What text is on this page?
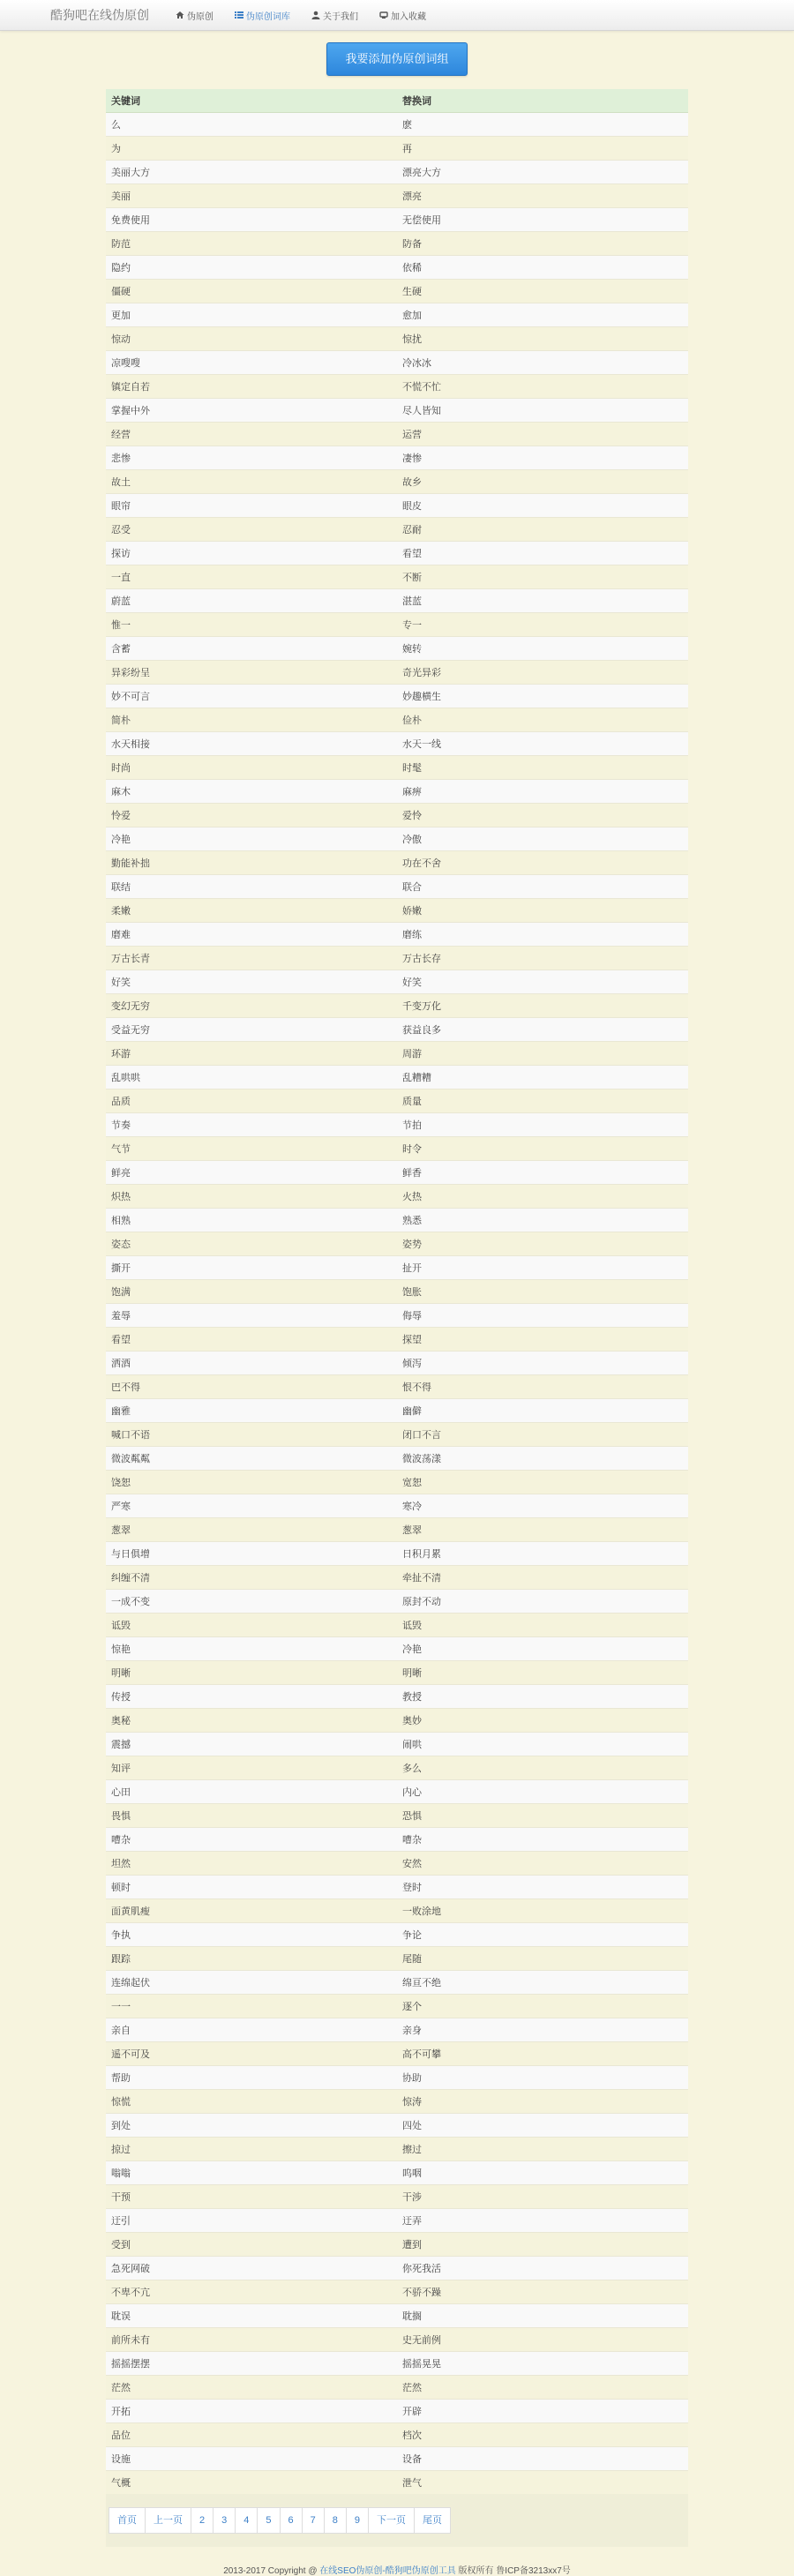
酷狗吧在线伪原创	伪原创	伪原创词库	关于我们	加入收藏
我要添加伪原创词组
关键词	替换词
么	麽
为	再
美丽大方	漂亮大方
美丽	漂亮
免费使用	无偿使用
防范	防备
隐约	依稀
僵硬	生硬
更加	愈加
惊动	惊扰
凉嗖嗖	冷冰冰
镇定自若	不慌不忙
掌握中外	尽人皆知
经营	运营
悲惨	凄惨
故土	故乡
眼帘	眼皮
忍受	忍耐
探访	看望
一直	不断
蔚蓝	湛蓝
惟一	专一
含蓄	婉转
异彩纷呈	奇光异彩
妙不可言	妙趣横生
简朴	俭朴
水天相接	水天一线
时尚	时髦
麻木	麻痹
怜爱	爱怜
冷艳	冷傲
勤能补拙	功在不舍
联结	联合
柔嫩	娇嫩
磨难	磨练
万古长青	万古长存
好笑	好笑
变幻无穷	千变万化
受益无穷	获益良多
环游	周游
乱哄哄	乱糟糟
品质	质量
节奏	节拍
气节	时令
鲜亮	鲜香
炽热	火热
相熟	熟悉
姿态	姿势
撕开	扯开
饱满	饱胀
羞辱	侮辱
看望	探望
洒酒	倾泻
巴不得	恨不得
幽雅	幽僻
喊口不语	闭口不言
微波粼粼	微波荡漾
饶恕	宽恕
严寒	寒冷
葱翠	葱翠
与日俱增	日积月累
纠缠不清	牵扯不清
一成不变	原封不动
诋毁	诋毁
惊艳	冷艳
明晰	明晰
传授	教授
奥秘	奥妙
震撼	闹哄
知评	多么
心田	内心
畏惧	恐惧
嘈杂	嘈杂
坦然	安然
顿时	登时
面黄肌瘦	一败涂地
争执	争论
跟踪	尾随
连绵起伏	绵亘不绝
一一	逐个
亲自	亲身
遥不可及	高不可攀
帮助	协助
惊慌	惊涛
到处	四处
掠过	擦过
嗡嗡	呜咽
干预	干涉
迂引	迂弄
受到	遭到
急死网破	你死我活
不卑不亢	不骄不躁
耽误	耽搁
前所未有	史无前例
摇摇摆摆	摇摇晃晃
茫然	茫然
开拓	开辟
品位	档次
设施	设备
气概	泄气
首页	上一页	2	3	4	5	6	7	8	9	下一页	尾页
2013-2017 Copyright @ 在线SEO伪原创-酷狗吧伪原创工具 版权所有 鲁ICP备3213xx7号
